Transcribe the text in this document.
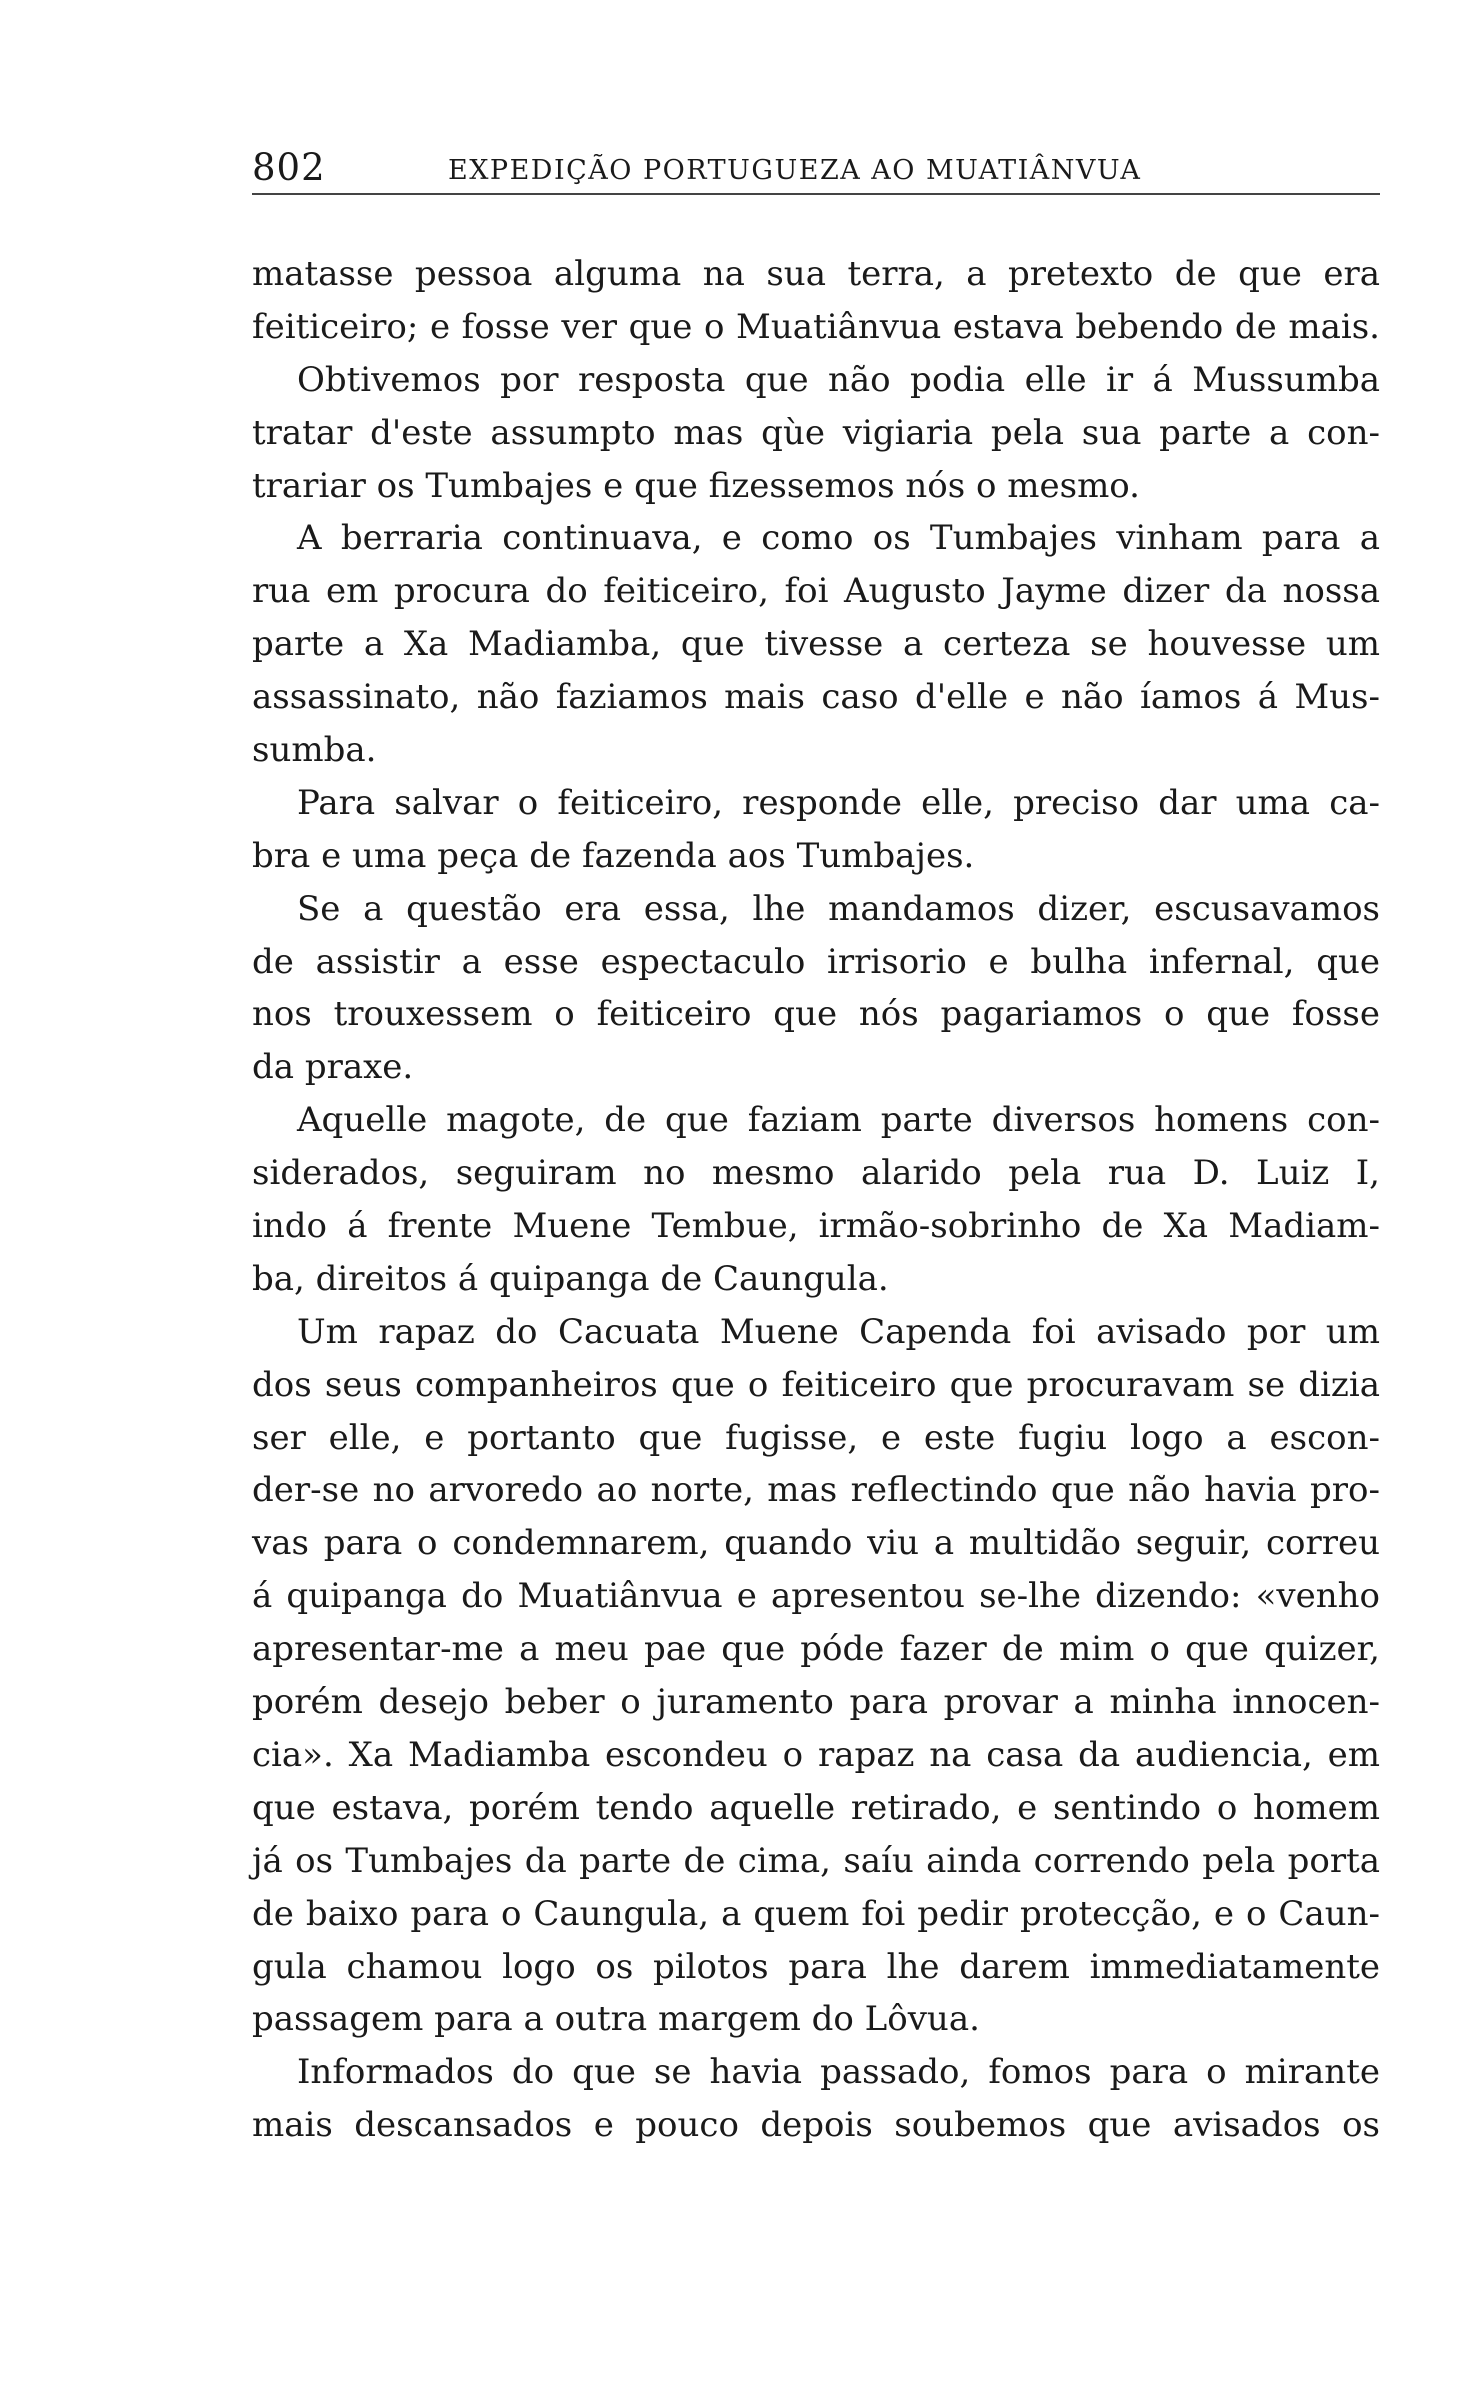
802	EXPEDIÇÃO PORTUGUEZA AO MUATIÂNVUA
matasse pessoa alguma na sua terra, a pretexto de que era
feiticeiro; e fosse ver que o Muatiânvua estava bebendo de mais.
Obtivemos por resposta que não podia elle ir á Mussumba
tratar d'este assumpto mas qùe vigiaria pela sua parte a con-
trariar os Tumbajes e que fizessemos nós o mesmo.
A berraria continuava, e como os Tumbajes vinham para a
rua em procura do feiticeiro, foi Augusto Jayme dizer da nossa
parte a Xa Madiamba, que tivesse a certeza se houvesse um
assassinato, não faziamos mais caso d'elle e não íamos á Mus-
sumba.
Para salvar o feiticeiro, responde elle, preciso dar uma ca-
bra e uma peça de fazenda aos Tumbajes.
Se a questão era essa, lhe mandamos dizer, escusavamos
de assistir a esse espectaculo irrisorio e bulha infernal, que
nos trouxessem o feiticeiro que nós pagariamos o que fosse
da praxe.
Aquelle magote, de que faziam parte diversos homens con-
siderados, seguiram no mesmo alarido pela rua D. Luiz I,
indo á frente Muene Tembue, irmão-sobrinho de Xa Madiam-
ba, direitos á quipanga de Caungula.
Um rapaz do Cacuata Muene Capenda foi avisado por um
dos seus companheiros que o feiticeiro que procuravam se dizia
ser elle, e portanto que fugisse, e este fugiu logo a escon-
der-se no arvoredo ao norte, mas reflectindo que não havia pro-
vas para o condemnarem, quando viu a multidão seguir, correu
á quipanga do Muatiânvua e apresentou se-lhe dizendo: «venho
apresentar-me a meu pae que póde fazer de mim o que quizer,
porém desejo beber o juramento para provar a minha innocen-
cia». Xa Madiamba escondeu o rapaz na casa da audiencia, em
que estava, porém tendo aquelle retirado, e sentindo o homem
já os Tumbajes da parte de cima, saíu ainda correndo pela porta
de baixo para o Caungula, a quem foi pedir protecção, e o Caun-
gula chamou logo os pilotos para lhe darem immediatamente
passagem para a outra margem do Lôvua.
Informados do que se havia passado, fomos para o mirante
mais descansados e pouco depois soubemos que avisados os
